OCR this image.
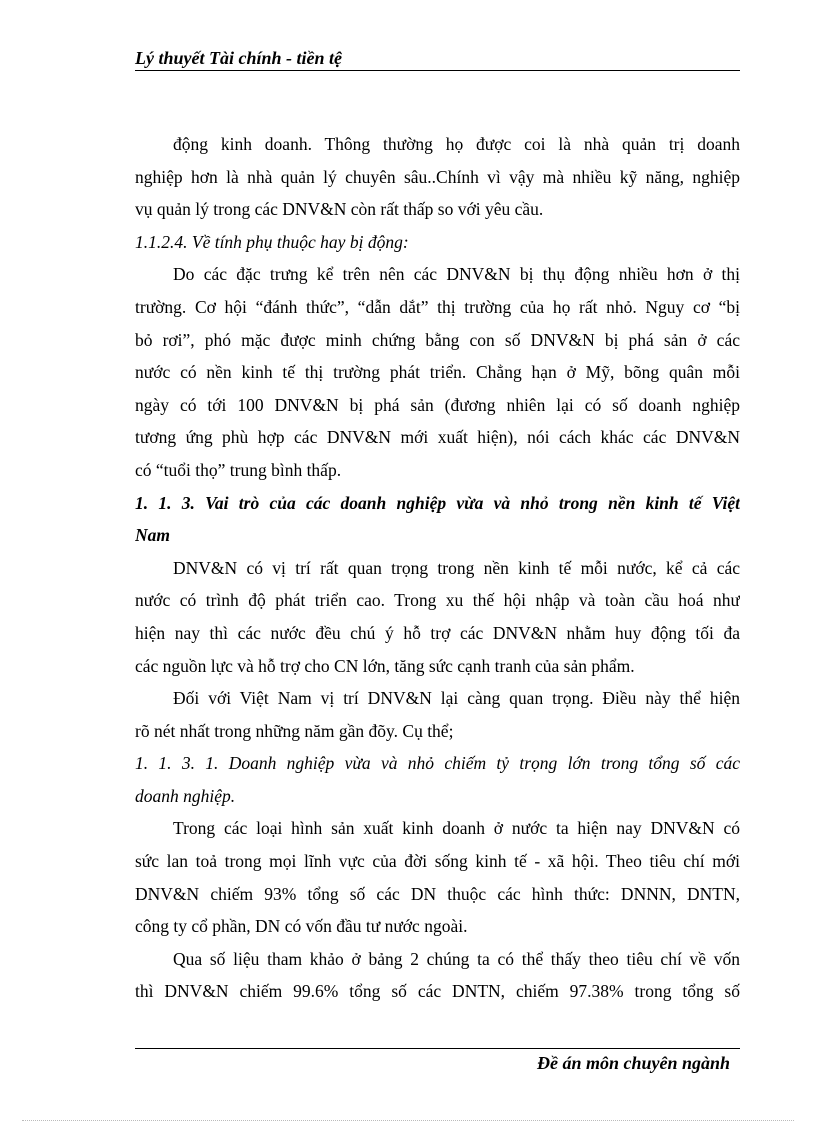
Lý thuyết Tài chính - tiền tệ
động kinh doanh. Thông thường họ được coi là nhà quản trị doanh
nghiệp hơn là nhà quản lý chuyên sâu..Chính vì vậy mà nhiều kỹ năng, nghiệp
vụ quản lý trong các DNV&N còn rất thấp so với yêu cầu.
1.1.2.4. Về tính phụ thuộc hay bị động:
Do các đặc trưng kể trên nên các DNV&N bị thụ động nhiều hơn ở thị
trường. Cơ hội “đánh thức”, “dẫn dắt” thị trường của họ rất nhỏ. Nguy cơ “bị
bỏ rơi”, phó mặc được minh chứng bằng con số DNV&N bị phá sản ở các
nước có nền kinh tế thị trường phát triển. Chẳng hạn ở Mỹ, bõng quân mỗi
ngày có tới 100 DNV&N bị phá sản (đương nhiên lại có số doanh nghiệp
tương ứng phù hợp các DNV&N mới xuất hiện), nói cách khác các DNV&N
có “tuổi thọ” trung bình thấp.
1. 1. 3. Vai trò của các doanh nghiệp vừa và nhỏ trong nền kinh tế Việt
Nam
DNV&N có vị trí rất quan trọng trong nền kinh tế mỗi nước, kể cả các
nước có trình độ phát triển cao. Trong xu thế hội nhập và toàn cầu hoá như
hiện nay thì các nước đều chú ý hỗ trợ các DNV&N nhằm huy động tối đa
các nguồn lực và hỗ trợ cho CN lớn, tăng sức cạnh tranh của sản phẩm.
Đối với Việt Nam vị trí DNV&N lại càng quan trọng. Điều này thể hiện
rõ nét nhất trong những năm gần đõy. Cụ thể;
1. 1. 3. 1. Doanh nghiệp vừa và nhỏ chiếm tỷ trọng lớn trong tổng số các
doanh nghiệp.
Trong các loại hình sản xuất kinh doanh ở nước ta hiện nay DNV&N có
sức lan toả trong mọi lĩnh vực của đời sống kinh tế - xã hội. Theo tiêu chí mới
DNV&N chiếm 93% tổng số các DN thuộc các hình thức: DNNN, DNTN,
công ty cổ phần, DN có vốn đầu tư nước ngoài.
Qua số liệu tham khảo ở bảng 2 chúng ta có thể thấy theo tiêu chí về vốn
thì DNV&N chiếm 99.6% tổng số các DNTN, chiếm 97.38% trong tổng số
Đề án môn chuyên ngành
